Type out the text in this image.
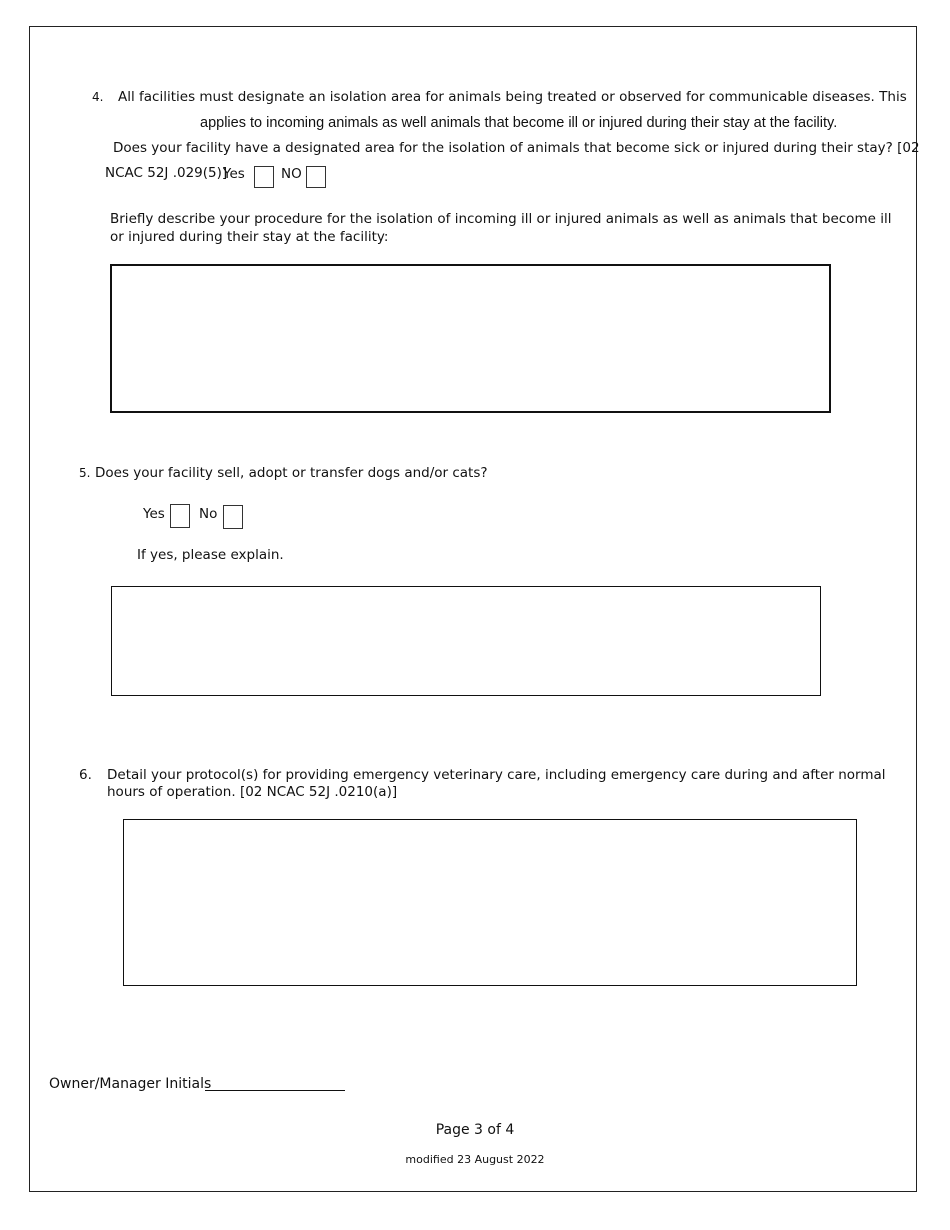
4. All facilities must designate an isolation area for animals being treated or observed for communicable diseases. This
applies to incoming animals as well animals that become ill or injured during their stay at the facility.
Does your facility have a designated area for the isolation of animals that become sick or injured during their stay? [02
NCAC 52J .029(5)]
Yes	NO
Briefly describe your procedure for the isolation of incoming ill or injured animals as well as animals that become ill
or injured during their stay at the facility:
5. Does your facility sell, adopt or transfer dogs and/or cats?
Yes	No
If yes, please explain.
6. Detail your protocol(s) for providing emergency veterinary care, including emergency care during and after normal
hours of operation. [02 NCAC 52J .0210(a)]
Owner/Manager Initials
Page 3 of 4
modified 23 August 2022
